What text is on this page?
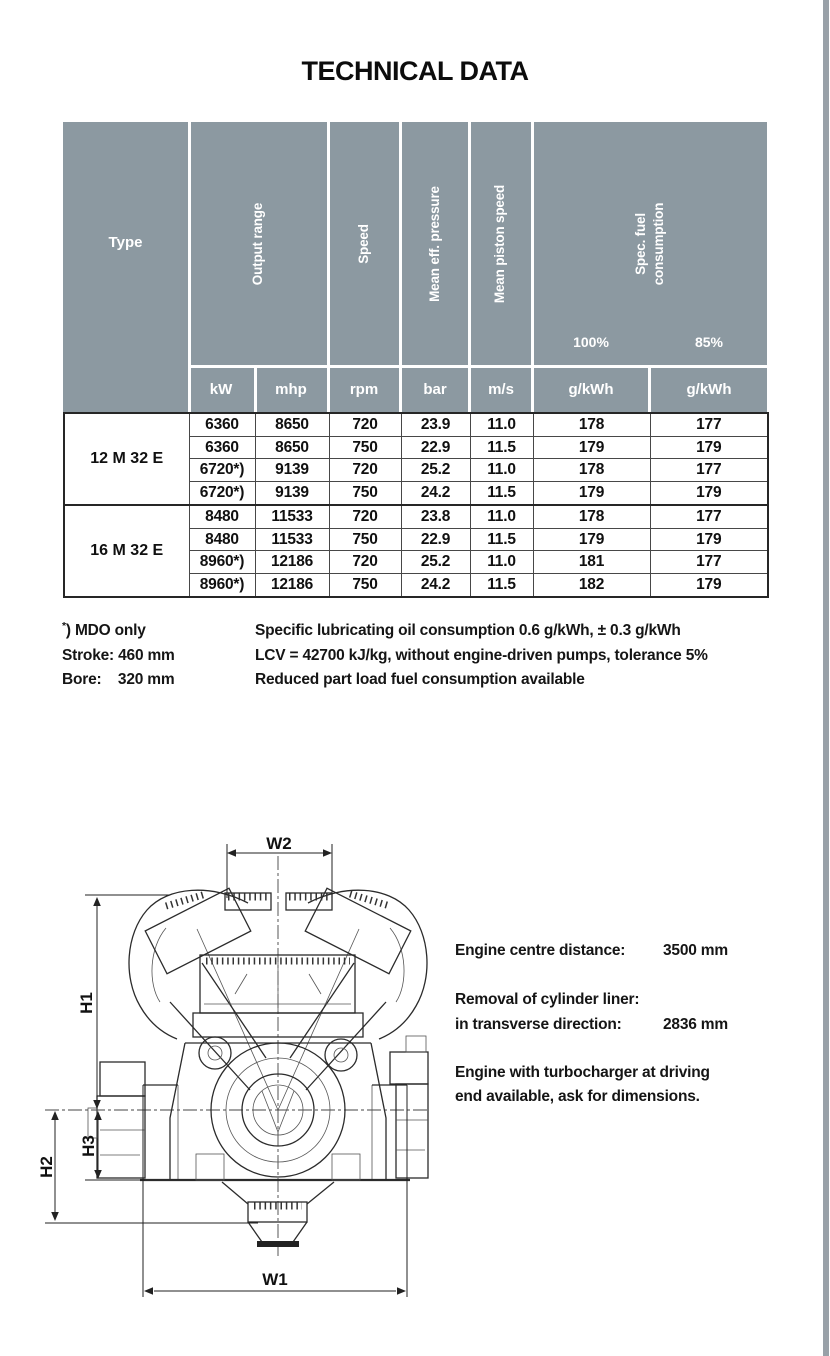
TECHNICAL DATA
Type	Output range	Speed	Mean eff. pressure	Mean piston speed	Spec. fuel consumption
100%	85%
kW	mhp	rpm	bar	m/s	g/kWh	g/kWh
12 M 32 E	6360	8650	720	23.9	11.0	178	177
	6360	8650	750	22.9	11.5	179	179
	6720*)	9139	720	25.2	11.0	178	177
	6720*)	9139	750	24.2	11.5	179	179
16 M 32 E	8480	11533	720	23.8	11.0	178	177
	8480	11533	750	22.9	11.5	179	179
	8960*)	12186	720	25.2	11.0	181	177
	8960*)	12186	750	24.2	11.5	182	179
*) MDO only
Stroke: 460 mm
Bore:    320 mm
Specific lubricating oil consumption 0.6 g/kWh, ± 0.3 g/kWh
LCV = 42700 kJ/kg, without engine-driven pumps, tolerance 5%
Reduced part load fuel consumption available
W2
H1
H3
H2
W1
Engine centre distance: 3500 mm
Removal of cylinder liner:
in transverse direction:	2836 mm
Engine with turbocharger at driving
end available, ask for dimensions.
